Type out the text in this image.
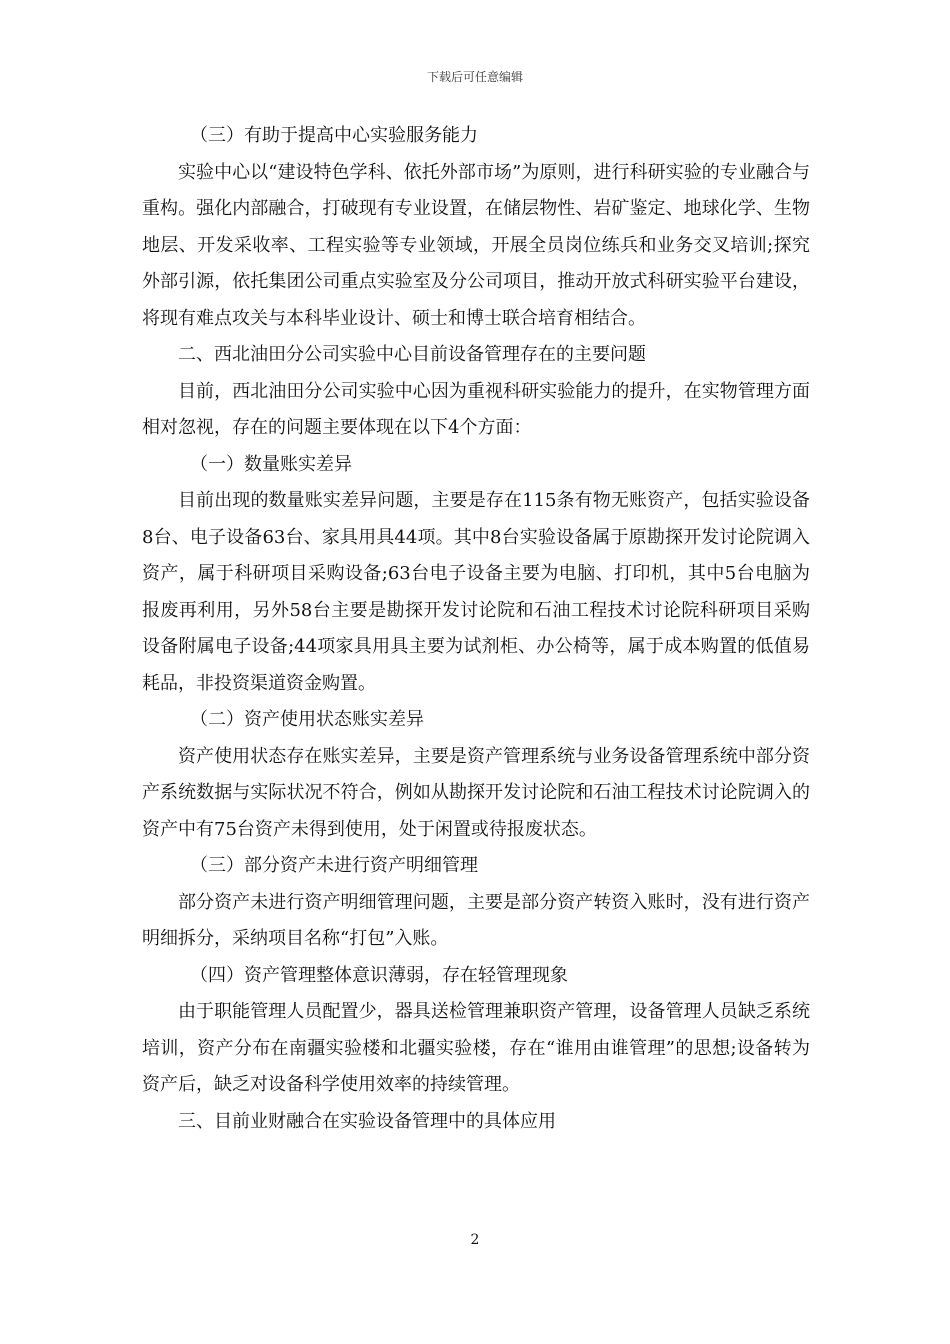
下载后可任意编辑

（三）有助于提高中心实验服务能力

实验中心以“建设特色学科、依托外部市场”为原则，进行科研实验的专业融合与重构。强化内部融合，打破现有专业设置，在储层物性、岩矿鉴定、地球化学、生物地层、开发采收率、工程实验等专业领域，开展全员岗位练兵和业务交叉培训;探究外部引源，依托集团公司重点实验室及分公司项目，推动开放式科研实验平台建设，将现有难点攻关与本科毕业设计、硕士和博士联合培育相结合。

二、西北油田分公司实验中心目前设备管理存在的主要问题

目前，西北油田分公司实验中心因为重视科研实验能力的提升，在实物管理方面相对忽视，存在的问题主要体现在以下4个方面：

（一）数量账实差异

目前出现的数量账实差异问题，主要是存在115条有物无账资产，包括实验设备8台、电子设备63台、家具用具44项。其中8台实验设备属于原勘探开发讨论院调入资产，属于科研项目采购设备;63台电子设备主要为电脑、打印机，其中5台电脑为报废再利用，另外58台主要是勘探开发讨论院和石油工程技术讨论院科研项目采购设备附属电子设备;44项家具用具主要为试剂柜、办公椅等，属于成本购置的低值易耗品，非投资渠道资金购置。

（二）资产使用状态账实差异

资产使用状态存在账实差异，主要是资产管理系统与业务设备管理系统中部分资产系统数据与实际状况不符合，例如从勘探开发讨论院和石油工程技术讨论院调入的资产中有75台资产未得到使用，处于闲置或待报废状态。

（三）部分资产未进行资产明细管理

部分资产未进行资产明细管理问题，主要是部分资产转资入账时，没有进行资产明细拆分，采纳项目名称“打包”入账。

（四）资产管理整体意识薄弱，存在轻管理现象

由于职能管理人员配置少，器具送检管理兼职资产管理，设备管理人员缺乏系统培训，资产分布在南疆实验楼和北疆实验楼，存在“谁用由谁管理”的思想;设备转为资产后，缺乏对设备科学使用效率的持续管理。

三、目前业财融合在实验设备管理中的具体应用

2
